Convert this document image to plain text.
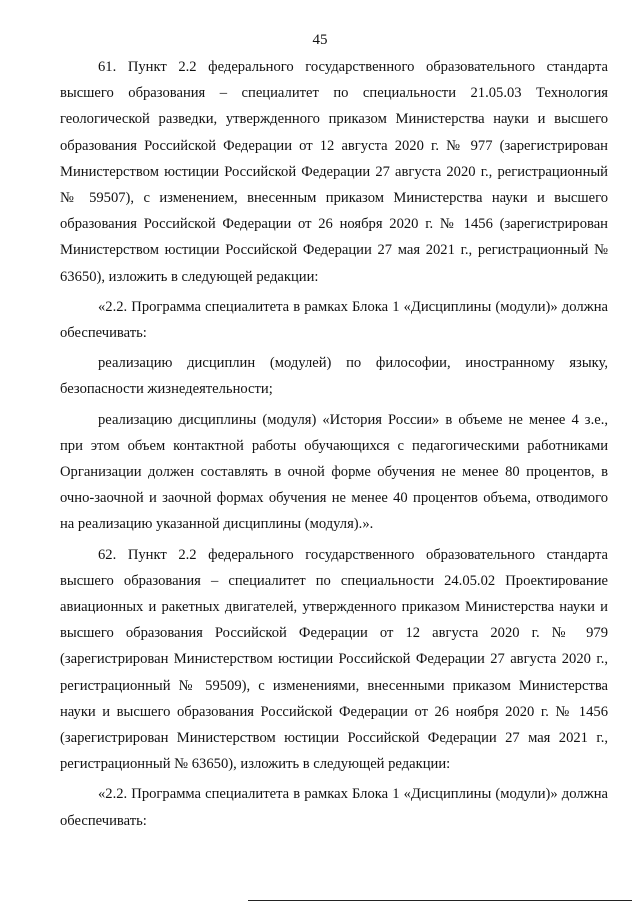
45

61. Пункт 2.2 федерального государственного образовательного стандарта высшего образования – специалитет по специальности 21.05.03 Технология геологической разведки, утвержденного приказом Министерства науки и высшего образования Российской Федерации от 12 августа 2020 г. № 977 (зарегистрирован Министерством юстиции Российской Федерации 27 августа 2020 г., регистрационный № 59507), с изменением, внесенным приказом Министерства науки и высшего образования Российской Федерации от 26 ноября 2020 г. № 1456 (зарегистрирован Министерством юстиции Российской Федерации 27 мая 2021 г., регистрационный № 63650), изложить в следующей редакции:

«2.2. Программа специалитета в рамках Блока 1 «Дисциплины (модули)» должна обеспечивать:

реализацию дисциплин (модулей) по философии, иностранному языку, безопасности жизнедеятельности;

реализацию дисциплины (модуля) «История России» в объеме не менее 4 з.е., при этом объем контактной работы обучающихся с педагогическими работниками Организации должен составлять в очной форме обучения не менее 80 процентов, в очно-заочной и заочной формах обучения не менее 40 процентов объема, отводимого на реализацию указанной дисциплины (модуля).».

62. Пункт 2.2 федерального государственного образовательного стандарта высшего образования – специалитет по специальности 24.05.02 Проектирование авиационных и ракетных двигателей, утвержденного приказом Министерства науки и высшего образования Российской Федерации от 12 августа 2020 г. № 979 (зарегистрирован Министерством юстиции Российской Федерации 27 августа 2020 г., регистрационный № 59509), с изменениями, внесенными приказом Министерства науки и высшего образования Российской Федерации от 26 ноября 2020 г. № 1456 (зарегистрирован Министерством юстиции Российской Федерации 27 мая 2021 г., регистрационный № 63650), изложить в следующей редакции:

«2.2. Программа специалитета в рамках Блока 1 «Дисциплины (модули)» должна обеспечивать:
